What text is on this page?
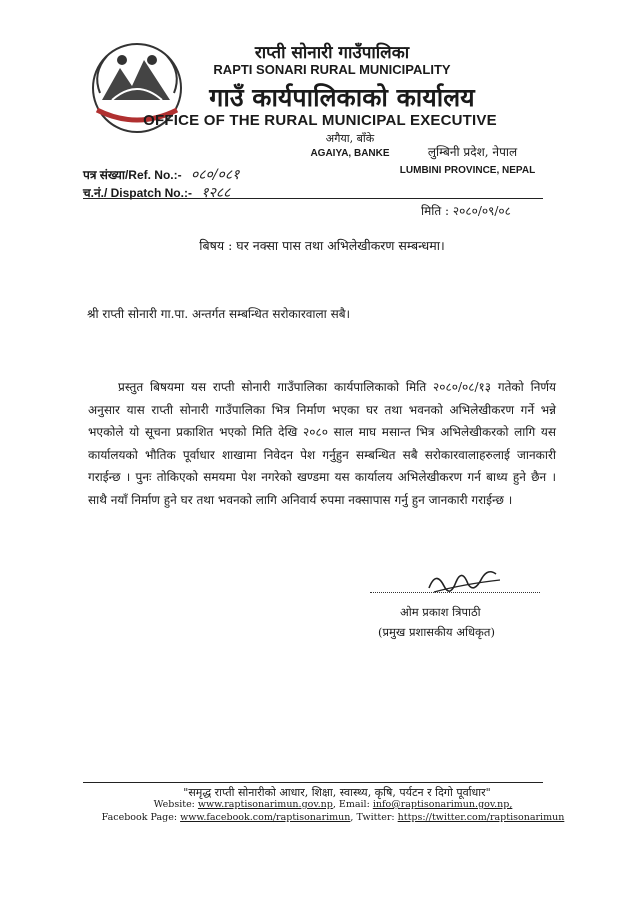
राप्ती सोनारी गाउँपालिका
RAPTI SONARI RURAL MUNICIPALITY
गाउँ कार्यपालिकाको कार्यालय
OFFICE OF THE RURAL MUNICIPAL EXECUTIVE
अगैया, बाँके
AGAIYA, BANKE	लुम्बिनी प्रदेश, नेपाल
LUMBINI PROVINCE, NEPAL
पत्र संख्या/Ref. No.:- ०८०/०८१
च.नं./ Dispatch No.:- १२८८
मिति : २०८०/०९/०८
बिषय : घर नक्सा पास तथा अभिलेखीकरण सम्बन्धमा।
श्री राप्ती सोनारी गा.पा. अन्तर्गत सम्बन्धित सरोकारवाला सबै।
प्रस्तुत बिषयमा यस राप्ती सोनारी गाउँपालिका कार्यपालिकाको मिति २०८०/०८/१३ गतेको निर्णय अनुसार यास राप्ती सोनारी गाउँपालिका भित्र निर्माण भएका घर तथा भवनको अभिलेखीकरण गर्ने भन्ने भएकोले यो सूचना प्रकाशित भएको मिति देखि २०८० साल माघ मसान्त भित्र अभिलेखीकरको लागि यस कार्यालयको भौतिक पूर्वाधार शाखामा निवेदन पेश गर्नुहुन सम्बन्धित सबै सरोकारवालाहरुलाई जानकारी गराईन्छ । पुनः तोकिएको समयमा पेश नगरेको खण्डमा यस कार्यालय अभिलेखीकरण गर्न बाध्य हुने छैन । साथै नयाँ निर्माण हुने घर तथा भवनको लागि अनिवार्य रुपमा नक्सापास गर्नु हुन जानकारी गराईन्छ ।
ओम प्रकाश त्रिपाठी
(प्रमुख प्रशासकीय अधिकृत)
"समृद्ध राप्ती सोनारीको आधार, शिक्षा, स्वास्थ्य, कृषि, पर्यटन र दिगो पूर्वाधार"
Website: www.raptisonarimun.gov.np, Email: info@raptisonarimun.gov.np,
Facebook Page: www.facebook.com/raptisonarimun, Twitter: https://twitter.com/raptisonarimun
